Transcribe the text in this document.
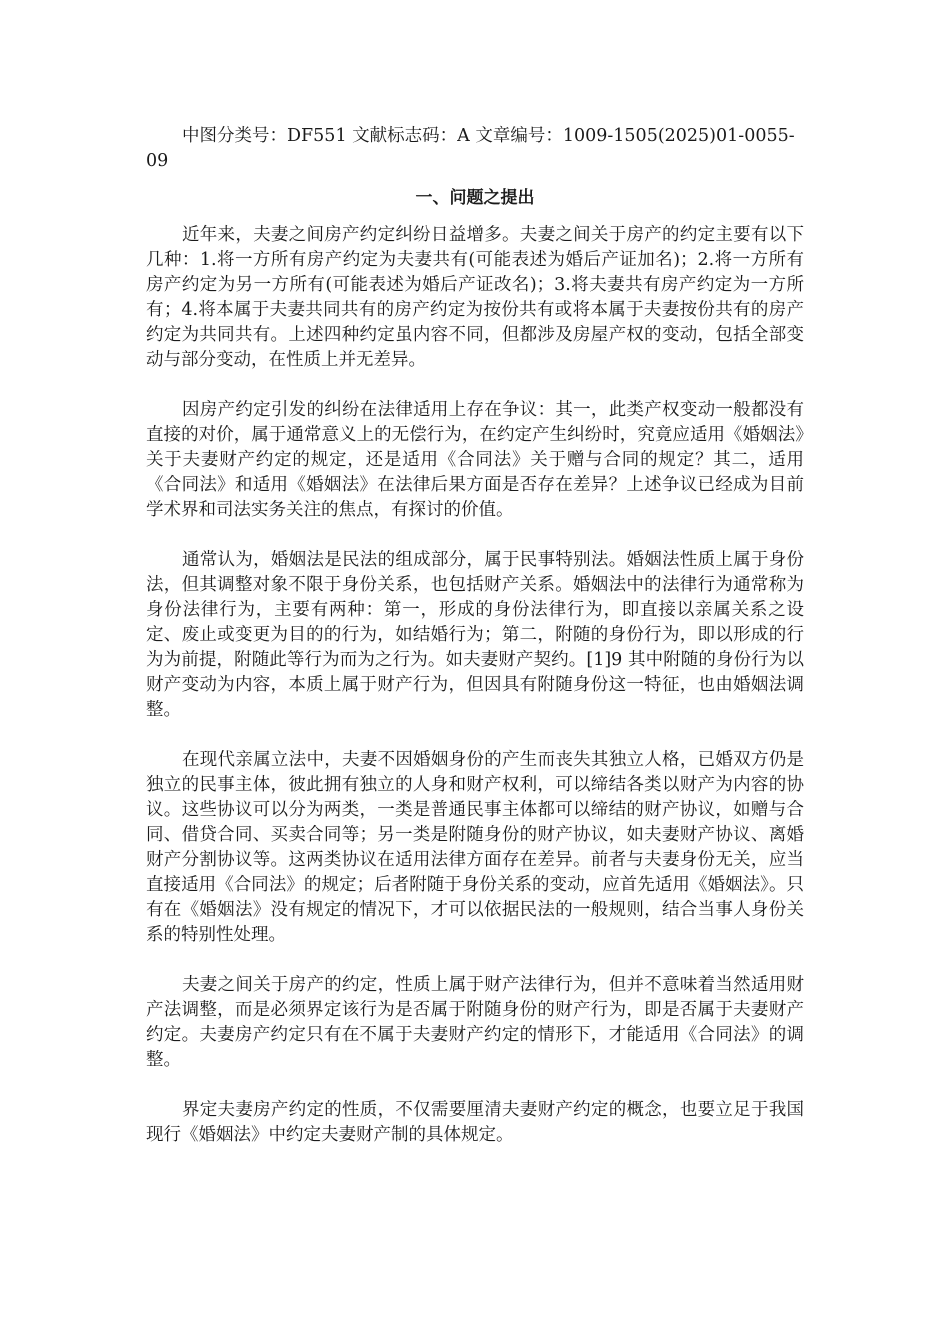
中图分类号：DF551 文献标志码：A 文章编号：1009-1505(2025)01-0055-09

一、问题之提出

近年来，夫妻之间房产约定纠纷日益增多。夫妻之间关于房产的约定主要有以下几种：1.将一方所有房产约定为夫妻共有(可能表述为婚后产证加名)；2.将一方所有房产约定为另一方所有(可能表述为婚后产证改名)；3.将夫妻共有房产约定为一方所有；4.将本属于夫妻共同共有的房产约定为按份共有或将本属于夫妻按份共有的房产约定为共同共有。上述四种约定虽内容不同，但都涉及房屋产权的变动，包括全部变动与部分变动，在性质上并无差异。

因房产约定引发的纠纷在法律适用上存在争议：其一，此类产权变动一般都没有直接的对价，属于通常意义上的无偿行为，在约定产生纠纷时，究竟应适用《婚姻法》关于夫妻财产约定的规定，还是适用《合同法》关于赠与合同的规定？其二，适用《合同法》和适用《婚姻法》在法律后果方面是否存在差异？上述争议已经成为目前学术界和司法实务关注的焦点，有探讨的价值。

通常认为，婚姻法是民法的组成部分，属于民事特别法。婚姻法性质上属于身份法，但其调整对象不限于身份关系，也包括财产关系。婚姻法中的法律行为通常称为身份法律行为，主要有两种：第一，形成的身份法律行为，即直接以亲属关系之设定、废止或变更为目的的行为，如结婚行为；第二，附随的身份行为，即以形成的行为为前提，附随此等行为而为之行为。如夫妻财产契约。[1]9 其中附随的身份行为以财产变动为内容，本质上属于财产行为，但因具有附随身份这一特征，也由婚姻法调整。

在现代亲属立法中，夫妻不因婚姻身份的产生而丧失其独立人格，已婚双方仍是独立的民事主体，彼此拥有独立的人身和财产权利，可以缔结各类以财产为内容的协议。这些协议可以分为两类，一类是普通民事主体都可以缔结的财产协议，如赠与合同、借贷合同、买卖合同等；另一类是附随身份的财产协议，如夫妻财产协议、离婚财产分割协议等。这两类协议在适用法律方面存在差异。前者与夫妻身份无关，应当直接适用《合同法》的规定；后者附随于身份关系的变动，应首先适用《婚姻法》。只有在《婚姻法》没有规定的情况下，才可以依据民法的一般规则，结合当事人身份关系的特别性处理。

夫妻之间关于房产的约定，性质上属于财产法律行为，但并不意味着当然适用财产法调整，而是必须界定该行为是否属于附随身份的财产行为，即是否属于夫妻财产约定。夫妻房产约定只有在不属于夫妻财产约定的情形下，才能适用《合同法》的调整。

界定夫妻房产约定的性质，不仅需要厘清夫妻财产约定的概念，也要立足于我国现行《婚姻法》中约定夫妻财产制的具体规定。
